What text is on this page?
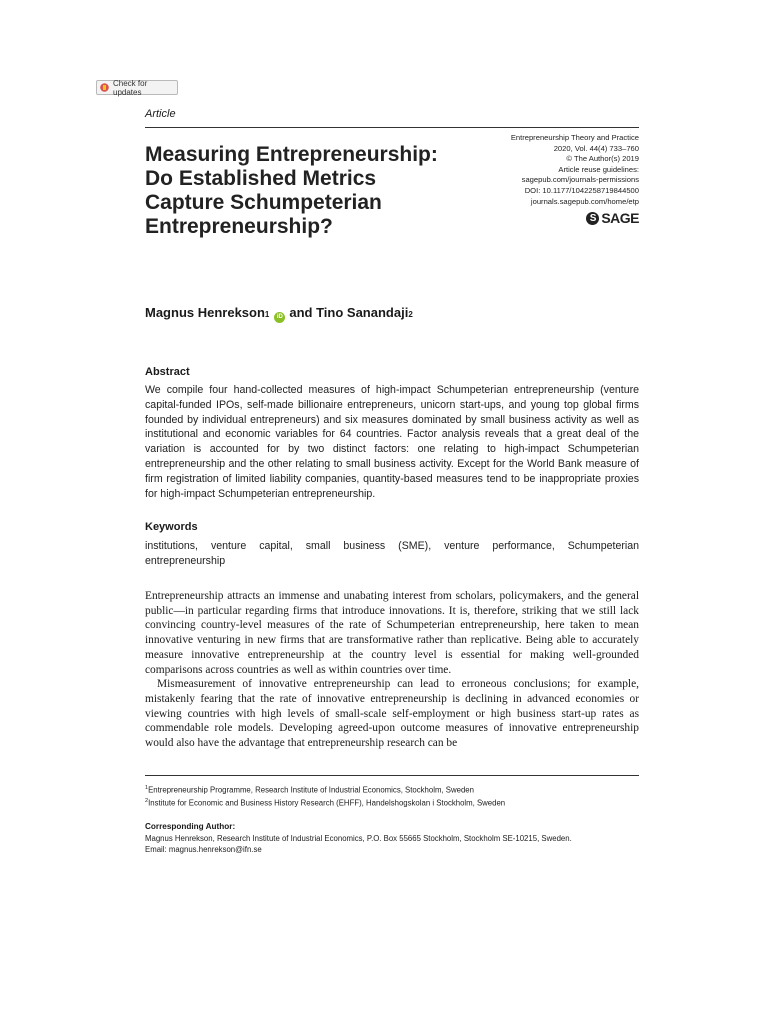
Check for updates
Article
Measuring Entrepreneurship: Do Established Metrics Capture Schumpeterian Entrepreneurship?
Entrepreneurship Theory and Practice
2020, Vol. 44(4) 733–760
© The Author(s) 2019
Article reuse guidelines:
sagepub.com/journals-permissions
DOI: 10.1177/1042258719844500
journals.sagepub.com/home/etp
S SAGE
Magnus Henrekson 1	iD and Tino Sanandaji 2
Abstract
We compile four hand-collected measures of high-impact Schumpeterian entrepreneurship (venture capital-funded IPOs, self-made billionaire entrepreneurs, unicorn start-ups, and young top global firms founded by individual entrepreneurs) and six measures dominated by small business activity as well as institutional and economic variables for 64 countries. Factor analysis reveals that a great deal of the variation is accounted for by two distinct factors: one relating to high-impact Schumpeterian entrepreneurship and the other relating to small business activity. Except for the World Bank measure of firm registration of limited liability companies, quantity-based measures tend to be inappropriate proxies for high-impact Schumpeterian entrepreneurship.
Keywords
institutions, venture capital, small business (SME), venture performance, Schumpeterian entrepreneurship

Entrepreneurship attracts an immense and unabating interest from scholars, policymakers, and the general public—in particular regarding firms that introduce innovations. It is, therefore, striking that we still lack convincing country-level measures of the rate of Schumpeterian entrepreneurship, here taken to mean innovative venturing in new firms that are transformative rather than replicative. Being able to accurately measure innovative entrepreneurship at the country level is essential for making well-grounded comparisons across countries as well as within countries over time.

Mismeasurement of innovative entrepreneurship can lead to erroneous conclusions; for example, mistakenly fearing that the rate of innovative entrepreneurship is declining in advanced economies or viewing countries with high levels of small-scale self-employment or high business start-up rates as commendable role models. Developing agreed-upon outcome measures of innovative entrepreneurship would also have the advantage that entrepreneurship research can be

$^1$Entrepreneurship Programme, Research Institute of Industrial Economics, Stockholm, Sweden
$^2$Institute for Economic and Business History Research (EHFF), Handelshogskolan i Stockholm, Sweden
Corresponding Author:
Magnus Henrekson, Research Institute of Industrial Economics, P.O. Box 55665 Stockholm, Stockholm SE-10215, Sweden.
Email: magnus.henrekson@ifn.se
